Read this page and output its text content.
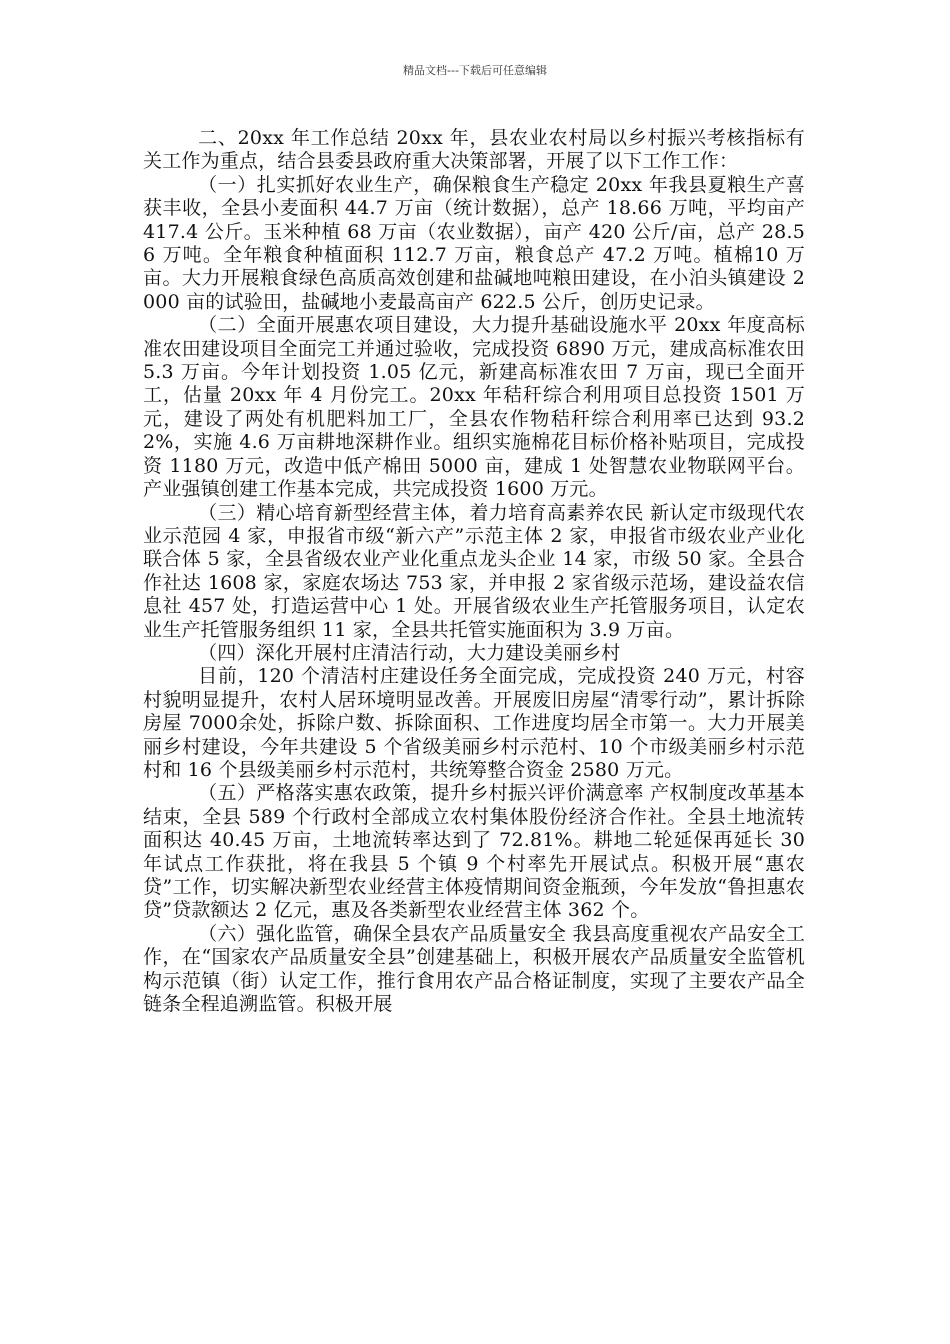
精品文档---下载后可任意编辑

二、20xx 年工作总结 20xx 年，县农业农村局以乡村振兴考核指标有关工作为重点，结合县委县政府重大决策部署，开展了以下工作工作：

（一）扎实抓好农业生产，确保粮食生产稳定 20xx 年我县夏粮生产喜获丰收，全县小麦面积 44.7 万亩（统计数据），总产 18.66 万吨，平均亩产 417.4 公斤。玉米种植 68 万亩（农业数据），亩产 420 公斤/亩，总产 28.56 万吨。全年粮食种植面积 112.7 万亩，粮食总产 47.2 万吨。植棉10 万亩。大力开展粮食绿色高质高效创建和盐碱地吨粮田建设，在小泊头镇建设 2000 亩的试验田，盐碱地小麦最高亩产 622.5 公斤，创历史记录。

（二）全面开展惠农项目建设，大力提升基础设施水平 20xx 年度高标准农田建设项目全面完工并通过验收，完成投资 6890 万元，建成高标准农田 5.3 万亩。今年计划投资 1.05 亿元，新建高标准农田 7 万亩，现已全面开工，估量 20xx 年 4 月份完工。20xx 年秸秆综合利用项目总投资 1501 万元，建设了两处有机肥料加工厂，全县农作物秸秆综合利用率已达到 93.22%，实施 4.6 万亩耕地深耕作业。组织实施棉花目标价格补贴项目，完成投资 1180 万元，改造中低产棉田 5000 亩，建成 1 处智慧农业物联网平台。产业强镇创建工作基本完成，共完成投资 1600 万元。

（三）精心培育新型经营主体，着力培育高素养农民 新认定市级现代农业示范园 4 家，申报省市级“新六产”示范主体 2 家，申报省市级农业产业化联合体 5 家，全县省级农业产业化重点龙头企业 14 家，市级 50 家。全县合作社达 1608 家，家庭农场达 753 家，并申报 2 家省级示范场，建设益农信息社 457 处，打造运营中心 1 处。开展省级农业生产托管服务项目，认定农业生产托管服务组织 11 家，全县共托管实施面积为 3.9 万亩。

（四）深化开展村庄清洁行动，大力建设美丽乡村

目前，120 个清洁村庄建设任务全面完成，完成投资 240 万元，村容村貌明显提升，农村人居环境明显改善。开展废旧房屋“清零行动”，累计拆除房屋 7000余处，拆除户数、拆除面积、工作进度均居全市第一。大力开展美丽乡村建设，今年共建设 5 个省级美丽乡村示范村、10 个市级美丽乡村示范村和 16 个县级美丽乡村示范村，共统筹整合资金 2580 万元。

（五）严格落实惠农政策，提升乡村振兴评价满意率 产权制度改革基本结束，全县 589 个行政村全部成立农村集体股份经济合作社。全县土地流转面积达 40.45 万亩，土地流转率达到了 72.81%。耕地二轮延保再延长 30 年试点工作获批，将在我县 5 个镇 9 个村率先开展试点。积极开展“惠农贷”工作，切实解决新型农业经营主体疫情期间资金瓶颈，今年发放“鲁担惠农贷”贷款额达 2 亿元，惠及各类新型农业经营主体 362 个。

（六）强化监管，确保全县农产品质量安全 我县高度重视农产品安全工作，在“国家农产品质量安全县”创建基础上，积极开展农产品质量安全监管机构示范镇（街）认定工作，推行食用农产品合格证制度，实现了主要农产品全链条全程追溯监管。积极开展
